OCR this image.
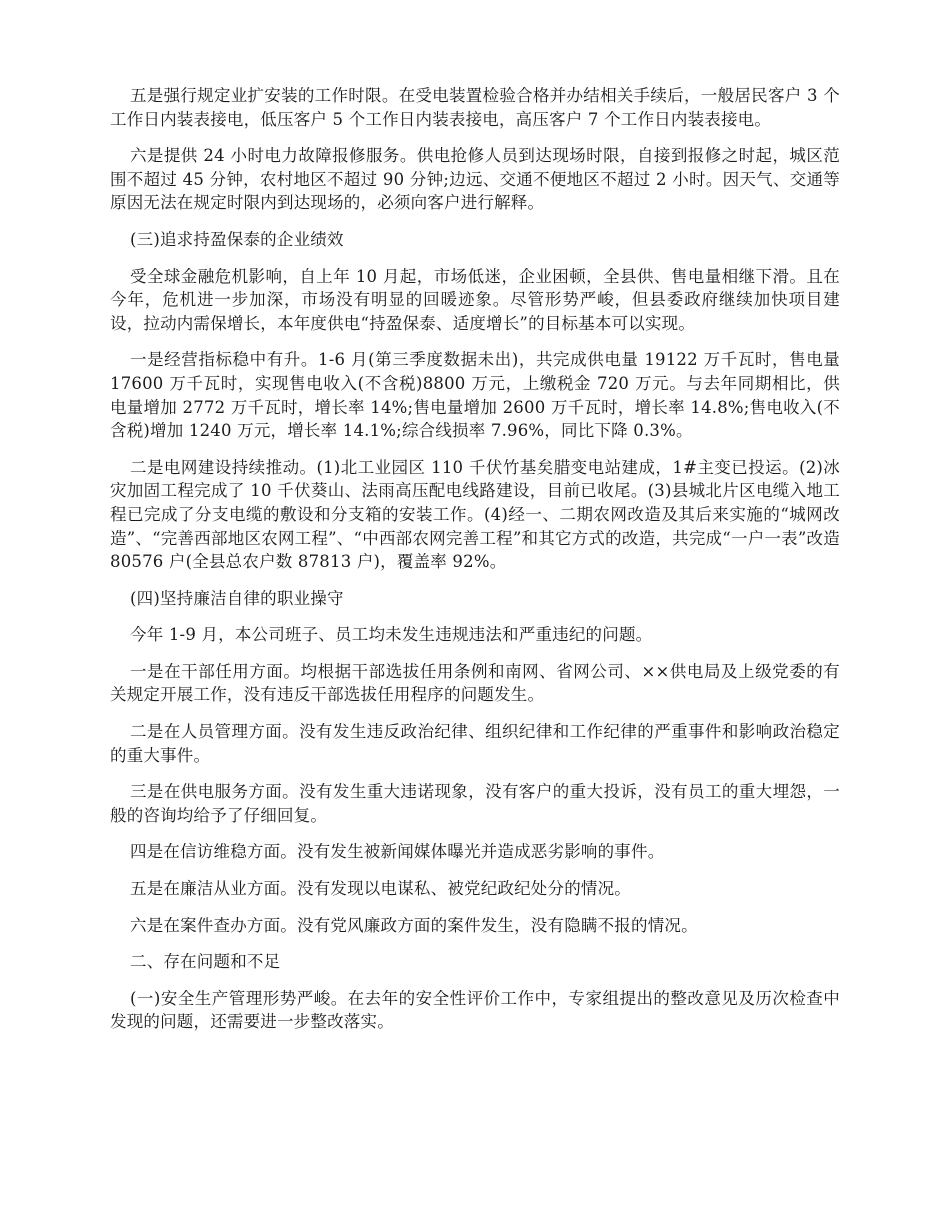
五是强行规定业扩安装的工作时限。在受电装置检验合格并办结相关手续后，一般居民客户 3 个工作日内装表接电，低压客户 5 个工作日内装表接电，高压客户 7 个工作日内装表接电。

六是提供 24 小时电力故障报修服务。供电抢修人员到达现场时限，自接到报修之时起，城区范围不超过 45 分钟，农村地区不超过 90 分钟;边远、交通不便地区不超过 2 小时。因天气、交通等原因无法在规定时限内到达现场的，必须向客户进行解释。

(三)追求持盈保泰的企业绩效

受全球金融危机影响，自上年 10 月起，市场低迷，企业困顿，全县供、售电量相继下滑。且在今年，危机进一步加深，市场没有明显的回暖迹象。尽管形势严峻，但县委政府继续加快项目建设，拉动内需保增长，本年度供电“持盈保泰、适度增长”的目标基本可以实现。

一是经营指标稳中有升。1-6 月(第三季度数据未出)，共完成供电量 19122 万千瓦时，售电量 17600 万千瓦时，实现售电收入(不含税)8800 万元，上缴税金 720 万元。与去年同期相比，供电量增加 2772 万千瓦时，增长率 14%;售电量增加 2600 万千瓦时，增长率 14.8%;售电收入(不含税)增加 1240 万元，增长率 14.1%;综合线损率 7.96%，同比下降 0.3%。

二是电网建设持续推动。(1)北工业园区 110 千伏竹基矣腊变电站建成，1#主变已投运。(2)冰灾加固工程完成了 10 千伏葵山、法雨高压配电线路建设，目前已收尾。(3)县城北片区电缆入地工程已完成了分支电缆的敷设和分支箱的安装工作。(4)经一、二期农网改造及其后来实施的“城网改造”、“完善西部地区农网工程”、“中西部农网完善工程”和其它方式的改造，共完成“一户一表”改造 80576 户(全县总农户数 87813 户)，覆盖率 92%。

(四)坚持廉洁自律的职业操守

今年 1-9 月，本公司班子、员工均未发生违规违法和严重违纪的问题。

一是在干部任用方面。均根据干部选拔任用条例和南网、省网公司、××供电局及上级党委的有关规定开展工作，没有违反干部选拔任用程序的问题发生。

二是在人员管理方面。没有发生违反政治纪律、组织纪律和工作纪律的严重事件和影响政治稳定的重大事件。

三是在供电服务方面。没有发生重大违诺现象，没有客户的重大投诉，没有员工的重大埋怨，一般的咨询均给予了仔细回复。

四是在信访维稳方面。没有发生被新闻媒体曝光并造成恶劣影响的事件。

五是在廉洁从业方面。没有发现以电谋私、被党纪政纪处分的情况。

六是在案件查办方面。没有党风廉政方面的案件发生，没有隐瞒不报的情况。

二、存在问题和不足

(一)安全生产管理形势严峻。在去年的安全性评价工作中，专家组提出的整改意见及历次检查中发现的问题，还需要进一步整改落实。
